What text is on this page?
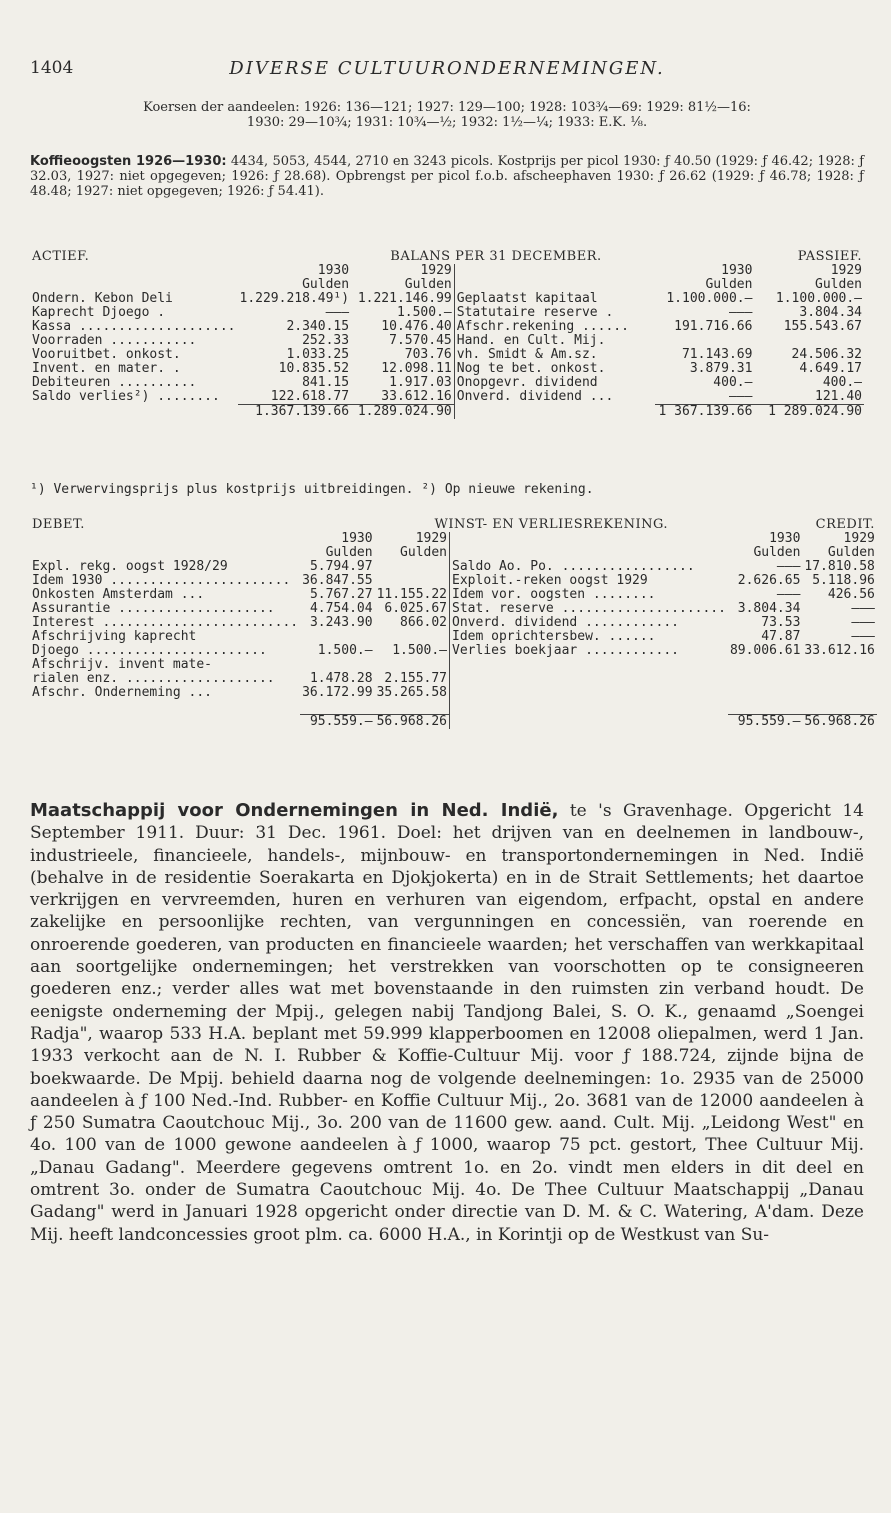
1404	DIVERSE CULTUURONDERNEMINGEN.
Koersen der aandeelen: 1926: 136—121; 1927: 129—100; 1928: 103¾—69: 1929: 81½—16:
1930: 29—10¾; 1931: 10¾—½; 1932: 1½—¼; 1933: E.K. ⅛.
Koffieoogsten 1926—1930: 4434, 5053, 4544, 2710 en 3243 picols. Kostprijs per picol 1930: ƒ 40.50 (1929: ƒ 46.42; 1928: ƒ 32.03, 1927: niet opgegeven; 1926: ƒ 28.68). Opbrengst per picol f.o.b. afscheephaven 1930: ƒ 26.62 (1929: ƒ 46.78; 1928: ƒ 48.48; 1927: niet opgegeven; 1926: ƒ 54.41).
ACTIEF.	BALANS PER 31 DECEMBER.				PASSIEF.
	1930	1929		1930	1929
	Gulden	Gulden		Gulden	Gulden
Ondern. Kebon Deli	1.229.218.49¹)	1.221.146.99	Geplaatst kapitaal	1.100.000.—	1.100.000.—
Kaprecht Djoego .	———	1.500.—	Statutaire reserve .	———	3.804.34
Kassa ....................	2.340.15	10.476.40	Afschr.rekening ......	191.716.66	155.543.67
Voorraden ...........	252.33	7.570.45	Hand. en Cult. Mij.		
Vooruitbet. onkost.	1.033.25	703.76	vh. Smidt & Am.sz.	71.143.69	24.506.32
Invent. en mater. .	10.835.52	12.098.11	Nog te bet. onkost.	3.879.31	4.649.17
Debiteuren ..........	841.15	1.917.03	Onopgevr. dividend	400.—	400.—
Saldo verlies²) ........	122.618.77	33.612.16	Onverd. dividend ...	———	121.40
	1.367.139.66	1.289.024.90		1 367.139.66	1 289.024.90
¹) Verwervingsprijs plus kostprijs uitbreidingen. ²) Op nieuwe rekening.
DEBET.	WINST- EN VERLIESREKENING.				CREDIT.
	1930	1929		1930	1929
	Gulden	Gulden		Gulden	Gulden
Expl. rekg. oogst 1928/29	5.794.97		Saldo Ao. Po. .................	———	17.810.58
Idem 1930 .......................	36.847.55		Exploit.-reken oogst 1929	2.626.65	5.118.96
Onkosten Amsterdam ...	5.767.27	11.155.22	Idem vor. oogsten ........	———	426.56
Assurantie ....................	4.754.04	6.025.67	Stat. reserve .....................	3.804.34	———
Interest .........................	3.243.90	866.02	Onverd. dividend ............	73.53	———
Afschrijving kaprecht			Idem oprichtersbew. ......	47.87	———
Djoego .......................	1.500.—	1.500.—	Verlies boekjaar ............	89.006.61	33.612.16
Afschrijv. invent mate-					
rialen enz. ...................	1.478.28	2.155.77			
Afschr. Onderneming ...	36.172.99	35.265.58			

	95.559.—	56.968.26		95.559.—	56.968.26
Maatschappij voor Ondernemingen in Ned. Indië, te 's Gravenhage. Opgericht 14 September 1911. Duur: 31 Dec. 1961. Doel: het drijven van en deelnemen in landbouw-, industrieele, financieele, handels-, mijnbouw- en transportondernemingen in Ned. Indië (behalve in de residentie Soerakarta en Djokjokerta) en in de Strait Settlements; het daartoe verkrijgen en vervreemden, huren en verhuren van eigendom, erfpacht, opstal en andere zakelijke en persoonlijke rechten, van vergunningen en concessiën, van roerende en onroerende goederen, van producten en financieele waarden; het verschaffen van werkkapitaal aan soortgelijke ondernemingen; het verstrekken van voorschotten op te consigneeren goederen enz.; verder alles wat met bovenstaande in den ruimsten zin verband houdt. De eenigste onderneming der Mpij., gelegen nabij Tandjong Balei, S. O. K., genaamd „Soengei Radja", waarop 533 H.A. beplant met 59.999 klapperboomen en 12008 oliepalmen, werd 1 Jan. 1933 verkocht aan de N. I. Rubber & Koffie-Cultuur Mij. voor ƒ 188.724, zijnde bijna de boekwaarde. De Mpij. behield daarna nog de volgende deelnemingen: 1o. 2935 van de 25000 aandeelen à ƒ 100 Ned.-Ind. Rubber- en Koffie Cultuur Mij., 2o. 3681 van de 12000 aandeelen à ƒ 250 Sumatra Caoutchouc Mij., 3o. 200 van de 11600 gew. aand. Cult. Mij. „Leidong West" en 4o. 100 van de 1000 gewone aandeelen à ƒ 1000, waarop 75 pct. gestort, Thee Cultuur Mij. „Danau Gadang". Meerdere gegevens omtrent 1o. en 2o. vindt men elders in dit deel en omtrent 3o. onder de Sumatra Caoutchouc Mij. 4o. De Thee Cultuur Maatschappij „Danau Gadang" werd in Januari 1928 opgericht onder directie van D. M. & C. Watering, A'dam. Deze Mij. heeft landconcessies groot plm. ca. 6000 H.A., in Korintji op de Westkust van Su-
